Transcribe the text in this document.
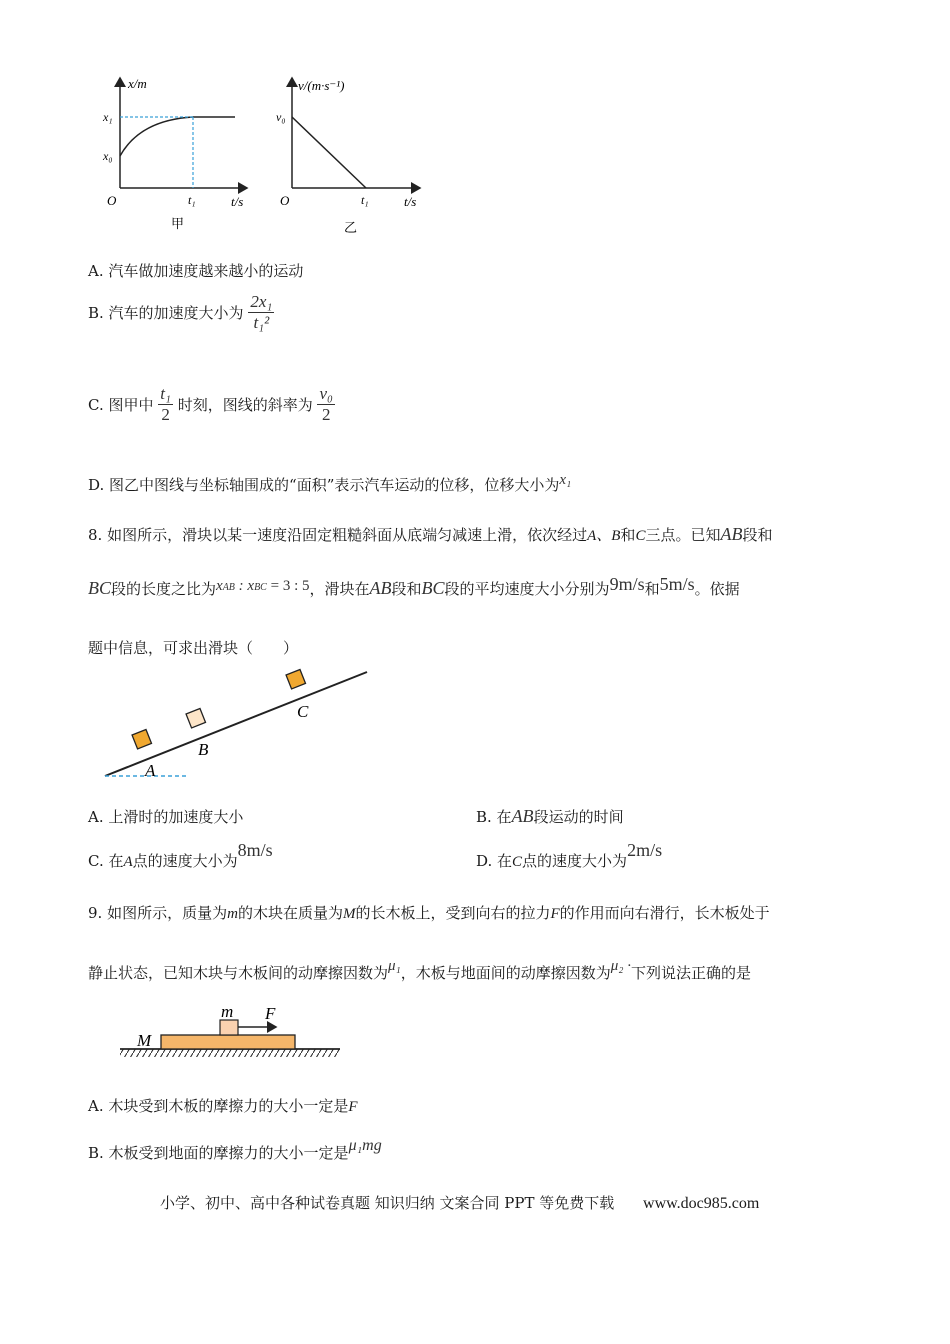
x/m
t/s
O
x₁
x₀
t₁
甲
v/(m·s⁻¹)
t/s
O
v₀
t₁
乙
A. 汽车做加速度越来越小的运动
B. 汽车的加速度大小为 $\frac{\text{2x₁}}{\text{t₁²}}$
C. 图甲中 $\frac{\text{t₁}}{2}$ 时刻，图线的斜率为 $\frac{\text{v₀}}{2}$
D. 图乙中图线与坐标轴围成的“面积”表示汽车运动的位移，位移大小为x₁
8. 如图所示，滑块以某一速度沿固定粗糙斜面从底端匀减速上滑，依次经过A、B和C三点。已知AB段和
BC段的长度之比为xAB : xBC = 3 : 5，滑块在AB段和BC段的平均速度大小分别为9m/s和5m/s。依据
题中信息，可求出滑块（　　）
A
B
C
A. 上滑时的加速度大小	B. 在AB段运动的时间
C. 在A点的速度大小为8m/s
D. 在C点的速度大小为2m/s
9. 如图所示，质量为m的木块在质量为M的长木板上，受到向右的拉力F的作用而向右滑行，长木板处于
静止状态，已知木块与木板间的动摩擦因数为μ₁，木板与地面间的动摩擦因数为μ₂ ·下列说法正确的是
m F
M
A. 木块受到木板的摩擦力的大小一定是F
B. 木板受到地面的摩擦力的大小一定是μ₁mg
小学、初中、高中各种试卷真题 知识归纳 文案合同 PPT 等免费下载 www.doc985.com
